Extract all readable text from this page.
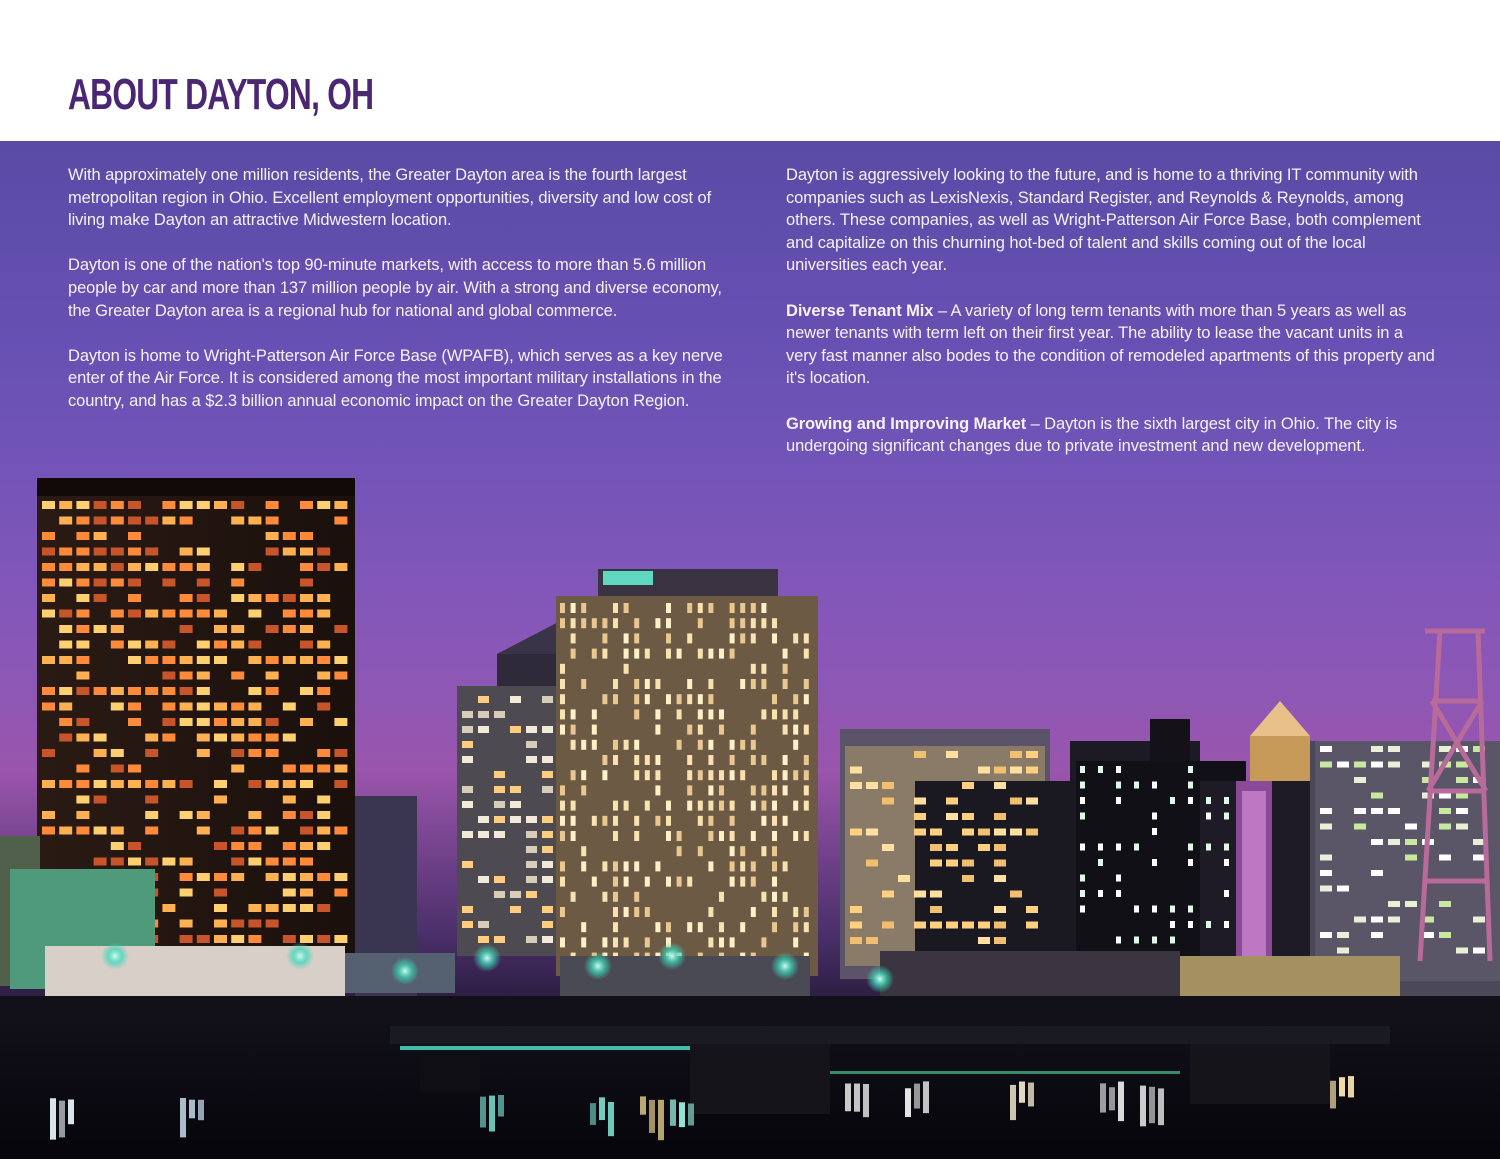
ABOUT DAYTON, OH

With approximately one million residents, the Greater Dayton area is the fourth largest metropolitan region in Ohio. Excellent employment opportunities, diversity and low cost of living make Dayton an attractive Midwestern location.

Dayton is one of the nation's top 90-minute markets, with access to more than 5.6 million people by car and more than 137 million people by air. With a strong and diverse economy, the Greater Dayton area is a regional hub for national and global commerce.

Dayton is home to Wright-Patterson Air Force Base (WPAFB), which serves as a key nerve enter of the Air Force. It is considered among the most important military installations in the country, and has a $2.3 billion annual economic impact on the Greater Dayton Region.

Dayton is aggressively looking to the future, and is home to a thriving IT community with companies such as LexisNexis, Standard Register, and Reynolds & Reynolds, among others. These companies, as well as Wright-Patterson Air Force Base, both complement and capitalize on this churning hot-bed of talent and skills coming out of the local universities each year.

Diverse Tenant Mix – A variety of long term tenants with more than 5 years as well as newer tenants with term left on their first year. The ability to lease the vacant units in a very fast manner also bodes to the condition of remodeled apartments of this property and it's location.

Growing and Improving Market – Dayton is the sixth largest city in Ohio. The city is undergoing significant changes due to private investment and new development.
